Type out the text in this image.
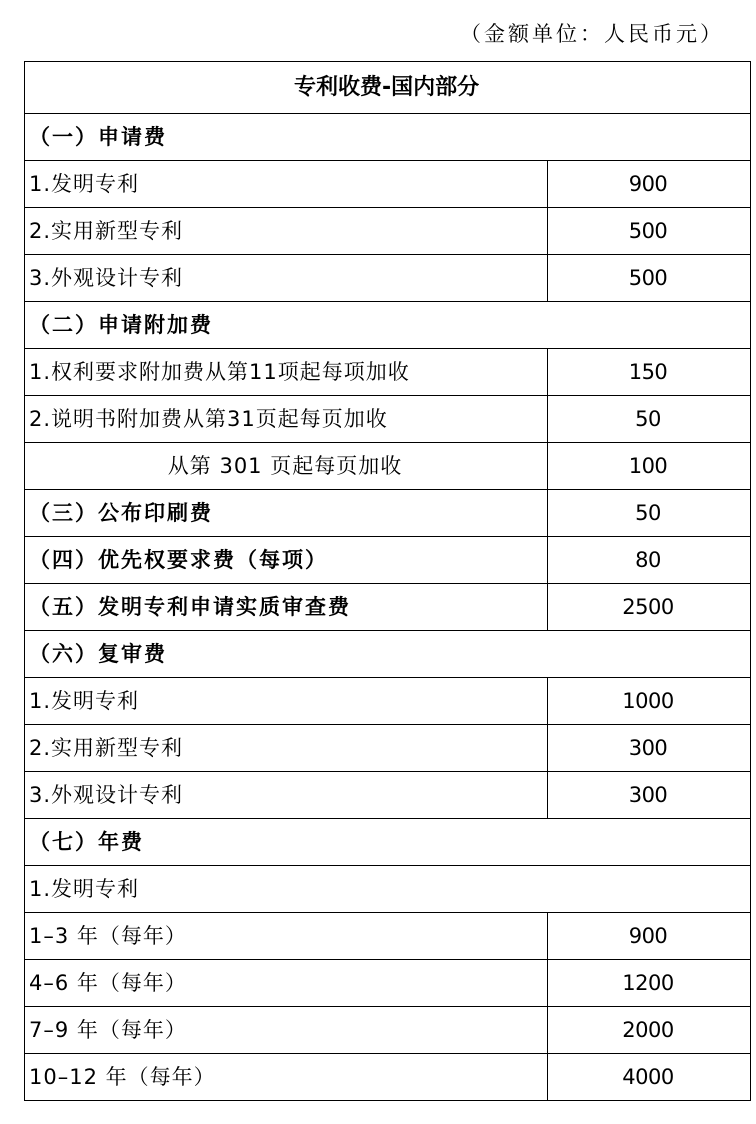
（金额单位：人民币元）
专利收费-国内部分	
（一）申请费	
1.发明专利	900
2.实用新型专利	500
3.外观设计专利	500
（二）申请附加费	
1.权利要求附加费从第11项起每项加收	150
2.说明书附加费从第31页起每页加收	50
从第 301 页起每页加收	100
（三）公布印刷费	50
（四）优先权要求费（每项）	80
（五）发明专利申请实质审查费	2500
（六）复审费	
1.发明专利	1000
2.实用新型专利	300
3.外观设计专利	300
（七）年费	
1.发明专利	
1–3 年（每年）	900
4–6 年（每年）	1200
7–9 年（每年）	2000
10–12 年（每年）	4000
